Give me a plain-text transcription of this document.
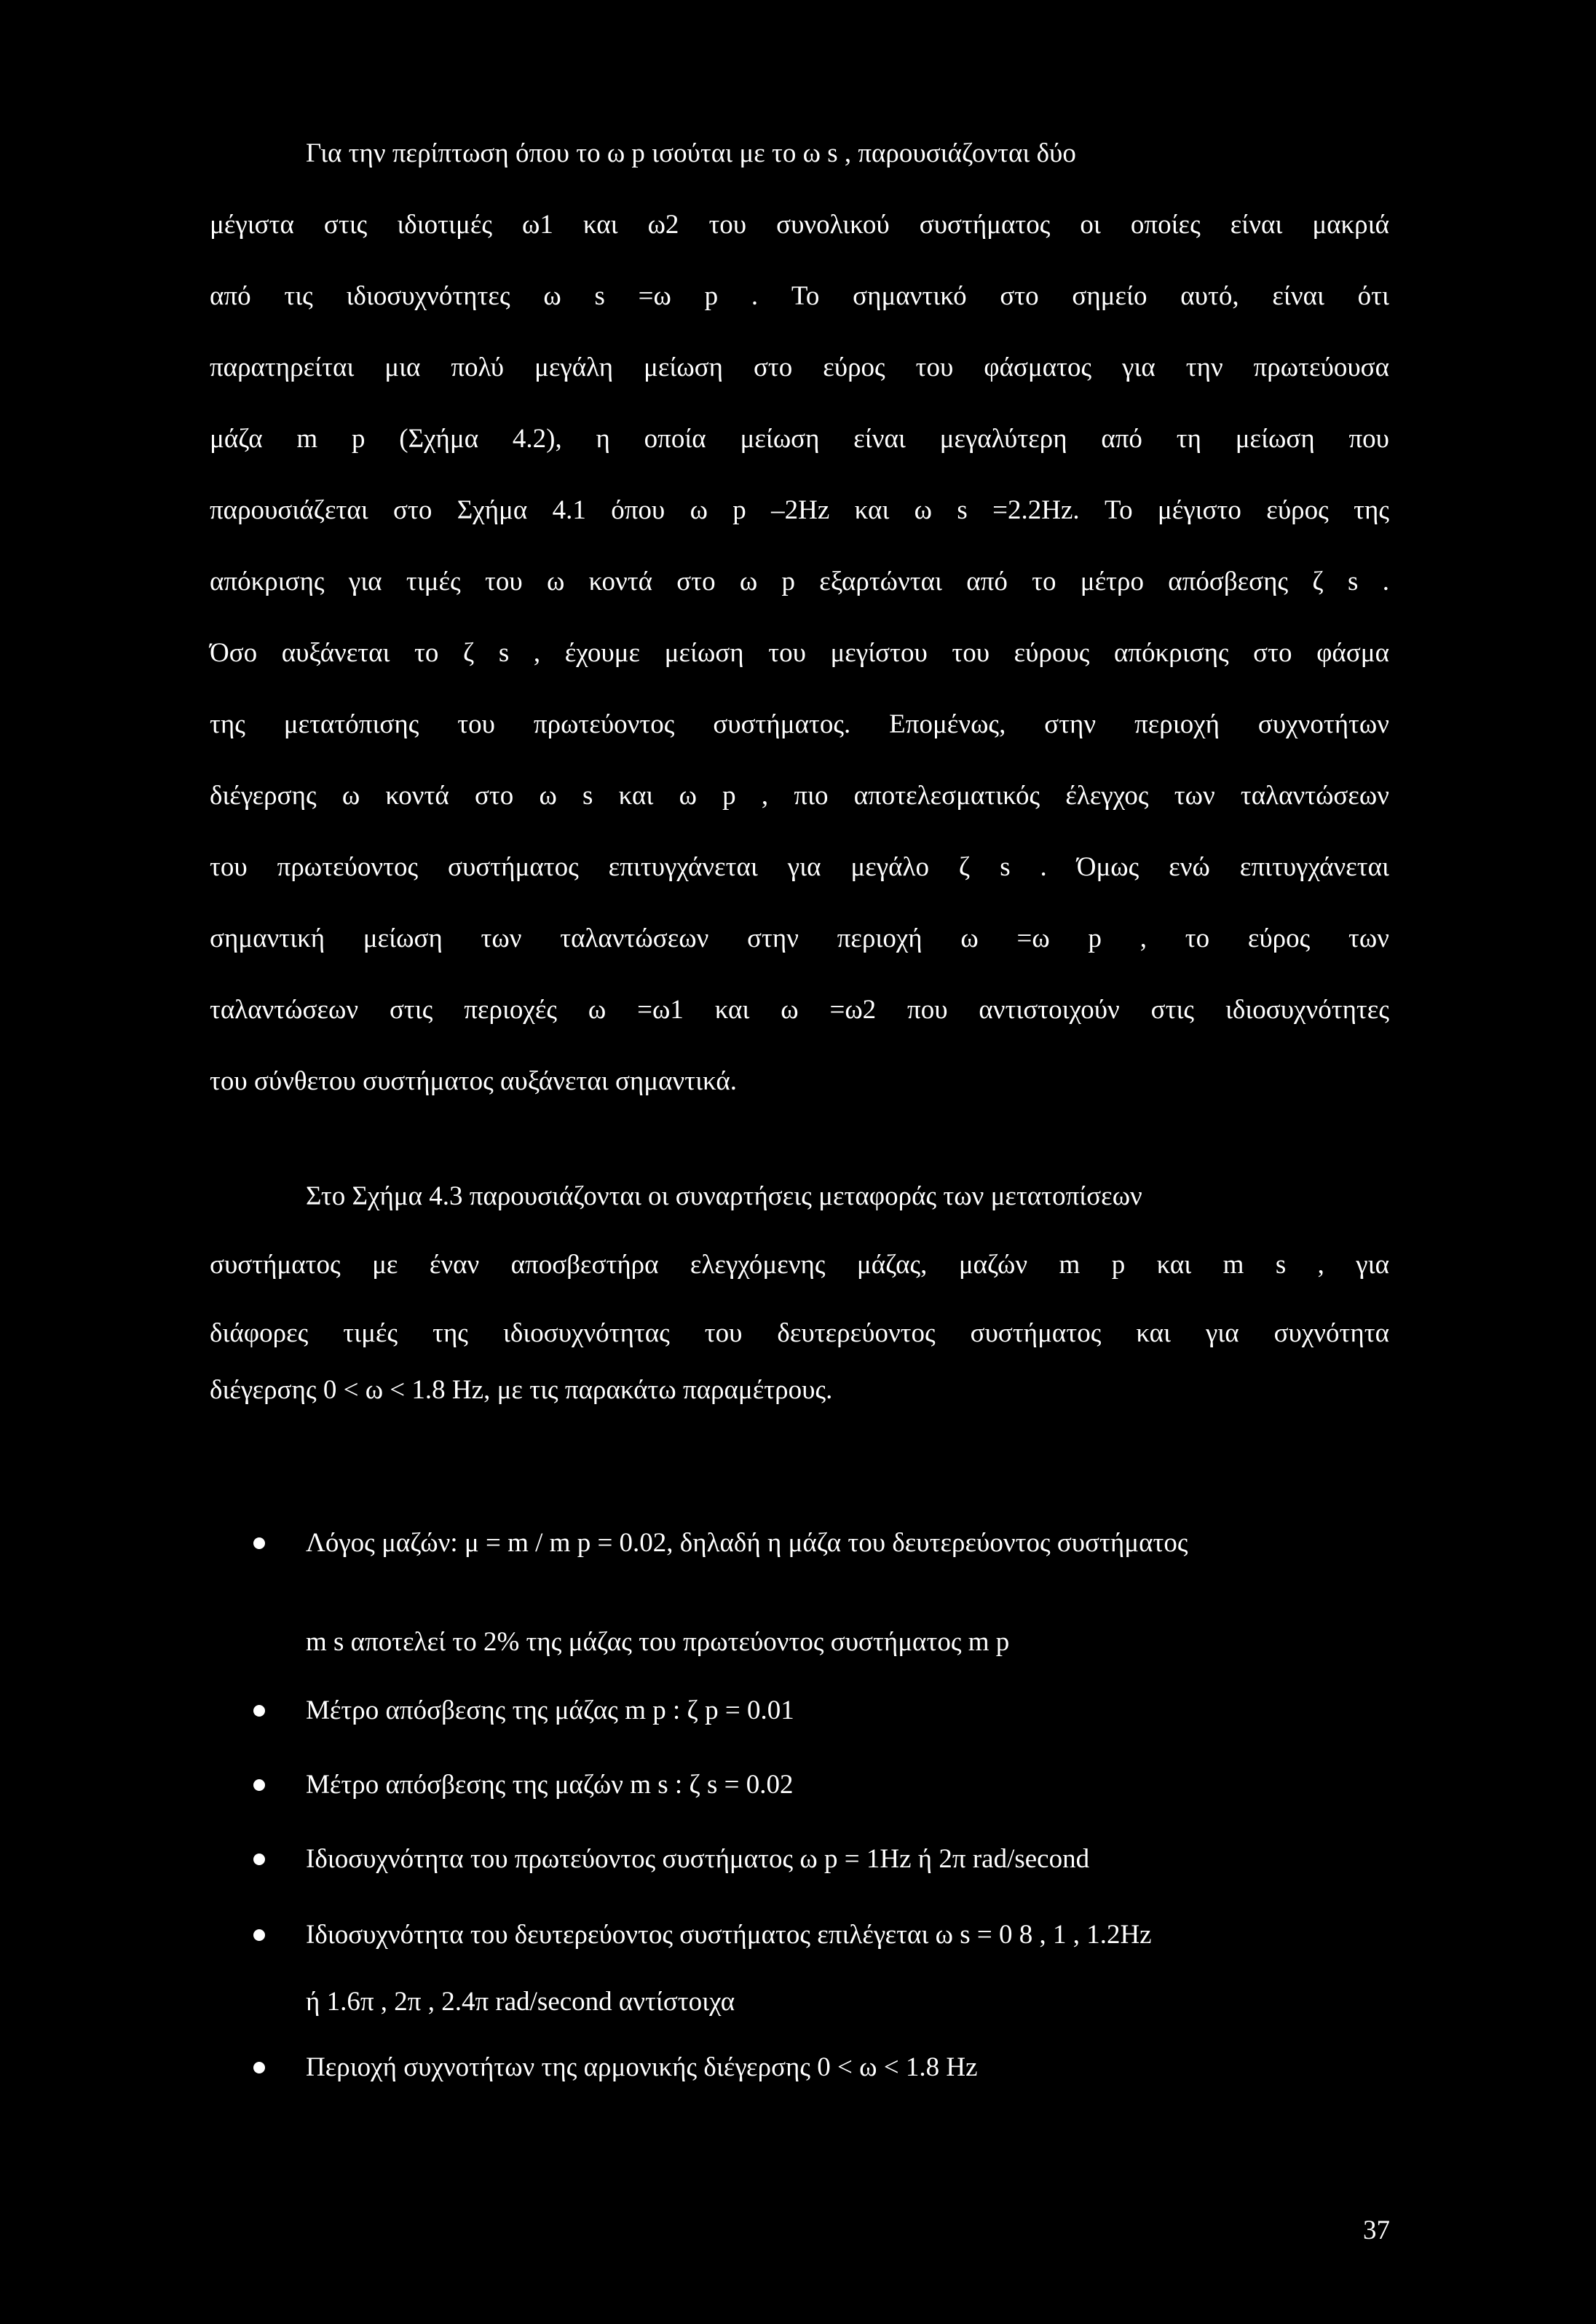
Για την περίπτωση όπου το ω p ισούται με το ω s , παρουσιάζονται δύο
μέγιστα στις ιδιοτιμές ω1 και ω2 του συνολικού συστήματος οι οποίες είναι μακριά
από τις ιδιοσυχνότητες ω s =ω p . Το σημαντικό στο σημείο αυτό, είναι ότι
παρατηρείται μια πολύ μεγάλη μείωση στο εύρος του φάσματος για την πρωτεύουσα
μάζα m p (Σχήμα 4.2), η οποία μείωση είναι μεγαλύτερη από τη μείωση που
παρουσιάζεται στο Σχήμα 4.1 όπου ω p –2Hz και ω s =2.2Hz. Το μέγιστο εύρος της
απόκρισης για τιμές του ω κοντά στο ω p εξαρτώνται από το μέτρο απόσβεσης ζ s .
Όσο αυξάνεται το ζ s , έχουμε μείωση του μεγίστου του εύρους απόκρισης στο φάσμα
της μετατόπισης του πρωτεύοντος συστήματος. Επομένως, στην περιοχή συχνοτήτων
διέγερσης ω κοντά στο ω s και ω p , πιο αποτελεσματικός έλεγχος των ταλαντώσεων
του πρωτεύοντος συστήματος επιτυγχάνεται για μεγάλο ζ s . Όμως ενώ επιτυγχάνεται
σημαντική μείωση των ταλαντώσεων στην περιοχή ω =ω p , το εύρος των
ταλαντώσεων στις περιοχές ω =ω1 και ω =ω2 που αντιστοιχούν στις ιδιοσυχνότητες
του σύνθετου συστήματος αυξάνεται σημαντικά.
Στο Σχήμα 4.3 παρουσιάζονται οι συναρτήσεις μεταφοράς των μετατοπίσεων
συστήματος με έναν αποσβεστήρα ελεγχόμενης μάζας, μαζών m p και m s , για
διάφορες τιμές της ιδιοσυχνότητας του δευτερεύοντος συστήματος και για συχνότητα
διέγερσης 0 < ω < 1.8 Hz, με τις παρακάτω παραμέτρους.
Λόγος μαζών: μ = m / m p = 0.02, δηλαδή η μάζα του δευτερεύοντος συστήματος
m s αποτελεί το 2% της μάζας του πρωτεύοντος συστήματος m p
Μέτρο απόσβεσης της μάζας m p : ζ p = 0.01
Μέτρο απόσβεσης της μαζών m s : ζ s = 0.02
Ιδιοσυχνότητα του πρωτεύοντος συστήματος ω p = 1Hz ή 2π rad/second
Ιδιοσυχνότητα του δευτερεύοντος συστήματος επιλέγεται ω s = 0 8 , 1 , 1.2Hz
ή 1.6π , 2π , 2.4π rad/second αντίστοιχα
Περιοχή συχνοτήτων της αρμονικής διέγερσης 0 < ω < 1.8 Hz
37
